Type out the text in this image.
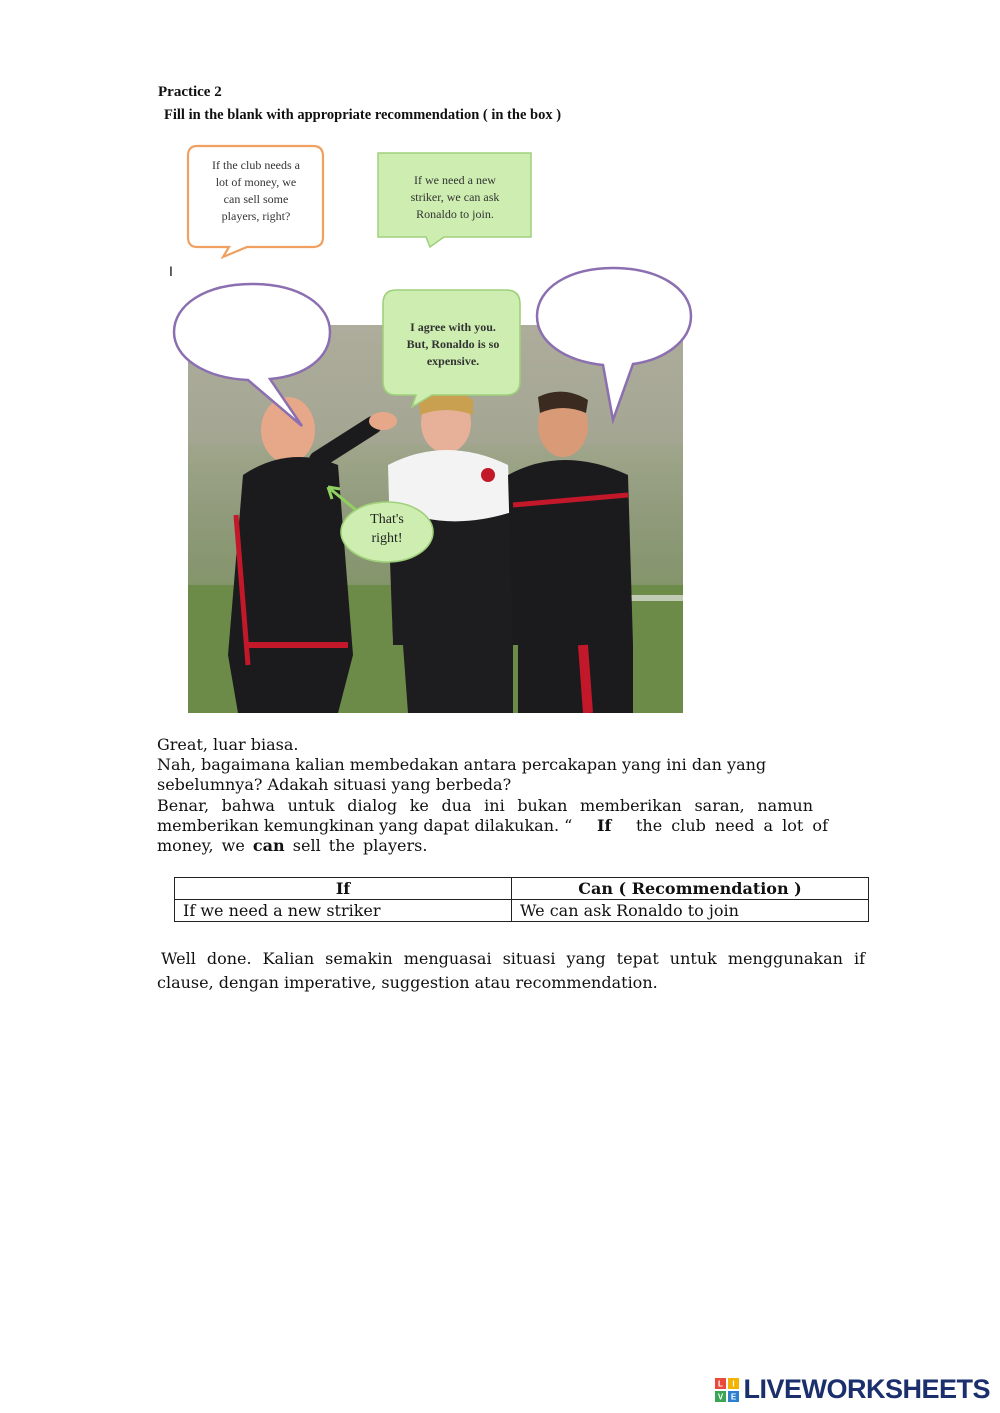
Practice 2
Fill in the blank with appropriate recommendation ( in the box )
If the club needs a
lot of money, we
can sell some
players, right?
If we need a new
striker, we can ask
Ronaldo to join.
I
I agree with you.
But, Ronaldo is so
expensive.
That's
right!
Great, luar biasa.
Nah, bagaimana kalian membedakan antara percakapan yang ini dan yang
sebelumnya? Adakah situasi yang berbeda?
Benar, bahwa untuk dialog ke dua ini bukan memberikan saran, namun
memberikan kemungkinan yang dapat dilakukan. “ If the club need a lot of
money, we can sell the players.
If	Can ( Recommendation )
If we need a new striker	We can ask Ronaldo to join
Well done. Kalian semakin menguasai situasi yang tepat untuk menggunakan if
clause, dengan imperative, suggestion atau recommendation.
L I
V E LIVEWORKSHEETS
